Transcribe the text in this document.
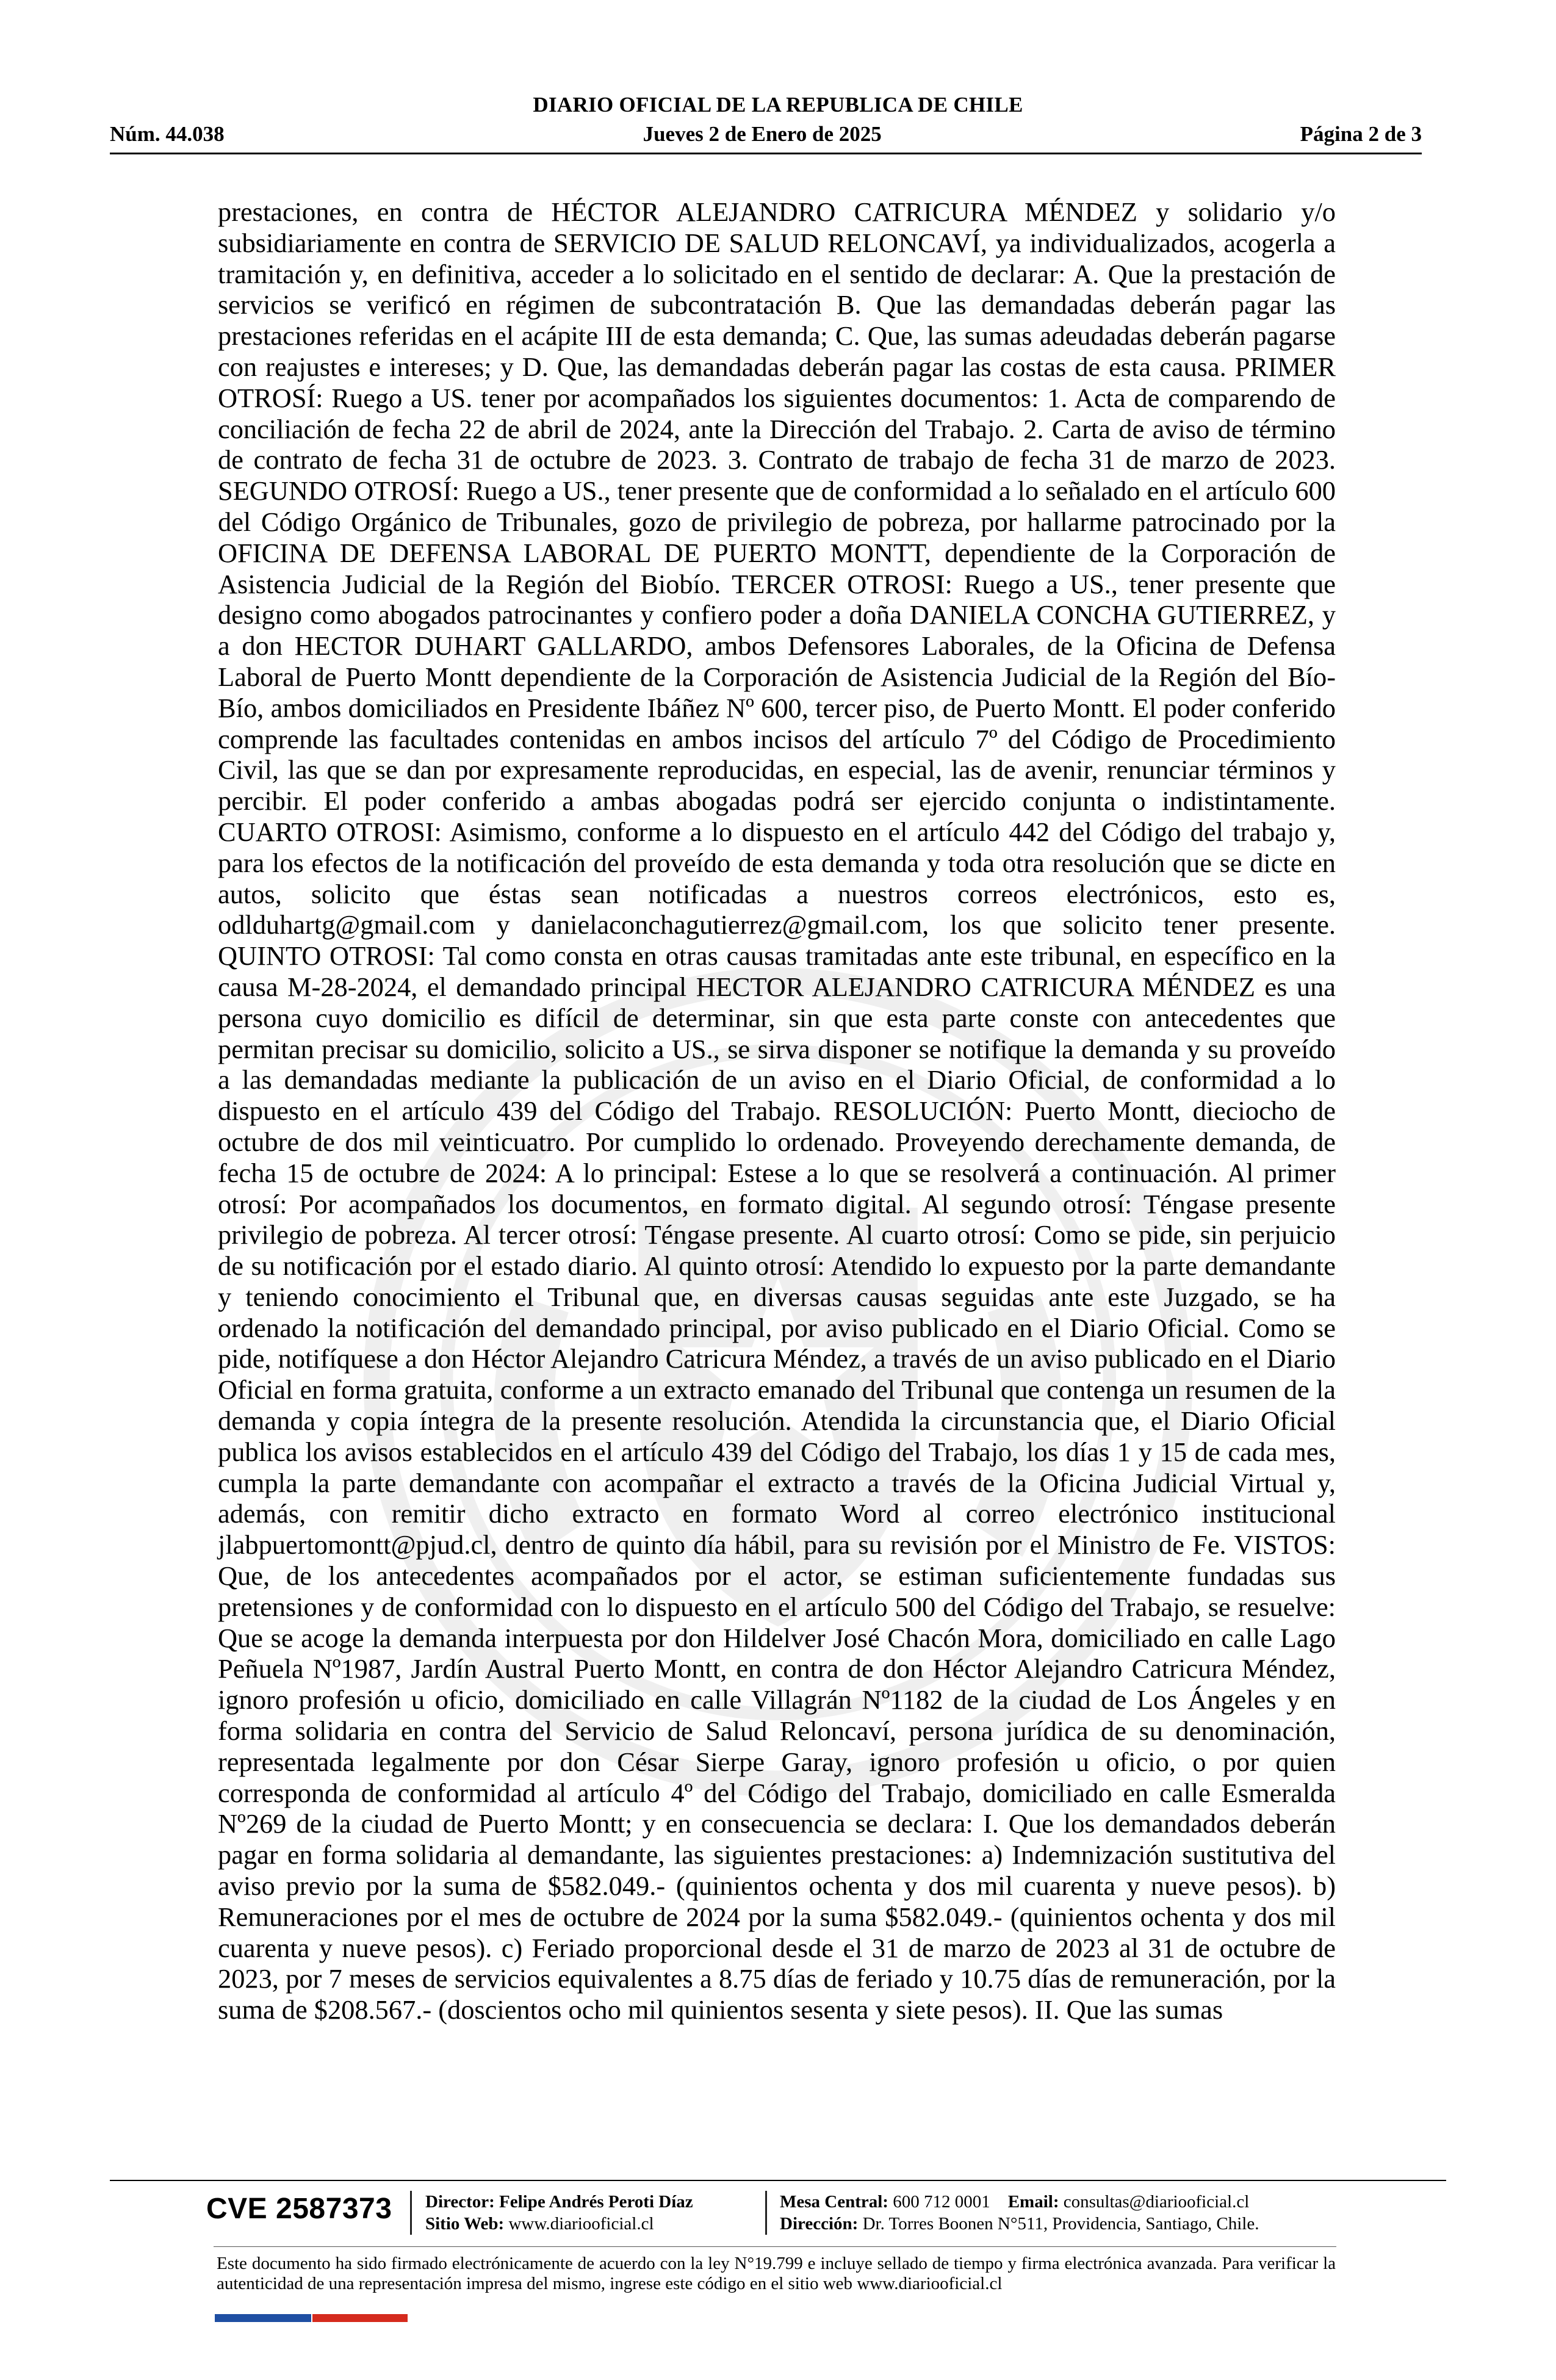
DIARIO OFICIAL DE LA REPUBLICA DE CHILE
Núm. 44.038	Jueves 2 de Enero de 2025	Página 2 de 3
prestaciones, en contra de HÉCTOR ALEJANDRO CATRICURA MÉNDEZ y solidario y/o subsidiariamente en contra de SERVICIO DE SALUD RELONCAVÍ, ya individualizados, acogerla a tramitación y, en definitiva, acceder a lo solicitado en el sentido de declarar: A. Que la prestación de servicios se verificó en régimen de subcontratación B. Que las demandadas deberán pagar las prestaciones referidas en el acápite III de esta demanda; C. Que, las sumas adeudadas deberán pagarse con reajustes e intereses; y D. Que, las demandadas deberán pagar las costas de esta causa. PRIMER OTROSÍ: Ruego a US. tener por acompañados los siguientes documentos: 1. Acta de comparendo de conciliación de fecha 22 de abril de 2024, ante la Dirección del Trabajo. 2. Carta de aviso de término de contrato de fecha 31 de octubre de 2023. 3. Contrato de trabajo de fecha 31 de marzo de 2023. SEGUNDO OTROSÍ: Ruego a US., tener presente que de conformidad a lo señalado en el artículo 600 del Código Orgánico de Tribunales, gozo de privilegio de pobreza, por hallarme patrocinado por la OFICINA DE DEFENSA LABORAL DE PUERTO MONTT, dependiente de la Corporación de Asistencia Judicial de la Región del Biobío. TERCER OTROSI: Ruego a US., tener presente que designo como abogados patrocinantes y confiero poder a doña DANIELA CONCHA GUTIERREZ, y a don HECTOR DUHART GALLARDO, ambos Defensores Laborales, de la Oficina de Defensa Laboral de Puerto Montt dependiente de la Corporación de Asistencia Judicial de la Región del Bío-Bío, ambos domiciliados en Presidente Ibáñez Nº 600, tercer piso, de Puerto Montt. El poder conferido comprende las facultades contenidas en ambos incisos del artículo 7º del Código de Procedimiento Civil, las que se dan por expresamente reproducidas, en especial, las de avenir, renunciar términos y percibir. El poder conferido a ambas abogadas podrá ser ejercido conjunta o indistintamente. CUARTO OTROSI: Asimismo, conforme a lo dispuesto en el artículo 442 del Código del trabajo y, para los efectos de la notificación del proveído de esta demanda y toda otra resolución que se dicte en autos, solicito que éstas sean notificadas a nuestros correos electrónicos, esto es, odlduhartg@gmail.com y danielaconchagutierrez@gmail.com, los que solicito tener presente. QUINTO OTROSI: Tal como consta en otras causas tramitadas ante este tribunal, en específico en la causa M-28-2024, el demandado principal HECTOR ALEJANDRO CATRICURA MÉNDEZ es una persona cuyo domicilio es difícil de determinar, sin que esta parte conste con antecedentes que permitan precisar su domicilio, solicito a US., se sirva disponer se notifique la demanda y su proveído a las demandadas mediante la publicación de un aviso en el Diario Oficial, de conformidad a lo dispuesto en el artículo 439 del Código del Trabajo. RESOLUCIÓN: Puerto Montt, dieciocho de octubre de dos mil veinticuatro. Por cumplido lo ordenado. Proveyendo derechamente demanda, de fecha 15 de octubre de 2024: A lo principal: Estese a lo que se resolverá a continuación. Al primer otrosí: Por acompañados los documentos, en formato digital. Al segundo otrosí: Téngase presente privilegio de pobreza. Al tercer otrosí: Téngase presente. Al cuarto otrosí: Como se pide, sin perjuicio de su notificación por el estado diario. Al quinto otrosí: Atendido lo expuesto por la parte demandante y teniendo conocimiento el Tribunal que, en diversas causas seguidas ante este Juzgado, se ha ordenado la notificación del demandado principal, por aviso publicado en el Diario Oficial. Como se pide, notifíquese a don Héctor Alejandro Catricura Méndez, a través de un aviso publicado en el Diario Oficial en forma gratuita, conforme a un extracto emanado del Tribunal que contenga un resumen de la demanda y copia íntegra de la presente resolución. Atendida la circunstancia que, el Diario Oficial publica los avisos establecidos en el artículo 439 del Código del Trabajo, los días 1 y 15 de cada mes, cumpla la parte demandante con acompañar el extracto a través de la Oficina Judicial Virtual y, además, con remitir dicho extracto en formato Word al correo electrónico institucional jlabpuertomontt@pjud.cl, dentro de quinto día hábil, para su revisión por el Ministro de Fe. VISTOS: Que, de los antecedentes acompañados por el actor, se estiman suficientemente fundadas sus pretensiones y de conformidad con lo dispuesto en el artículo 500 del Código del Trabajo, se resuelve: Que se acoge la demanda interpuesta por don Hildelver José Chacón Mora, domiciliado en calle Lago Peñuela Nº1987, Jardín Austral Puerto Montt, en contra de don Héctor Alejandro Catricura Méndez, ignoro profesión u oficio, domiciliado en calle Villagrán Nº1182 de la ciudad de Los Ángeles y en forma solidaria en contra del Servicio de Salud Reloncaví, persona jurídica de su denominación, representada legalmente por don César Sierpe Garay, ignoro profesión u oficio, o por quien corresponda de conformidad al artículo 4º del Código del Trabajo, domiciliado en calle Esmeralda Nº269 de la ciudad de Puerto Montt; y en consecuencia se declara: I. Que los demandados deberán pagar en forma solidaria al demandante, las siguientes prestaciones: a) Indemnización sustitutiva del aviso previo por la suma de $582.049.- (quinientos ochenta y dos mil cuarenta y nueve pesos). b) Remuneraciones por el mes de octubre de 2024 por la suma $582.049.- (quinientos ochenta y dos mil cuarenta y nueve pesos). c) Feriado proporcional desde el 31 de marzo de 2023 al 31 de octubre de 2023, por 7 meses de servicios equivalentes a 8.75 días de feriado y 10.75 días de remuneración, por la suma de $208.567.- (doscientos ocho mil quinientos sesenta y siete pesos). II. Que las sumas
CVE 2587373 Director: Felipe Andrés Peroti Díaz
Sitio Web: www.diariooficial.cl
Mesa Central: 600 712 0001 Email: consultas@diariooficial.cl
Dirección: Dr. Torres Boonen N°511, Providencia, Santiago, Chile.
Este documento ha sido firmado electrónicamente de acuerdo con la ley N°19.799 e incluye sellado de tiempo y firma electrónica avanzada. Para verificar la autenticidad de una representación impresa del mismo, ingrese este código en el sitio web www.diariooficial.cl
